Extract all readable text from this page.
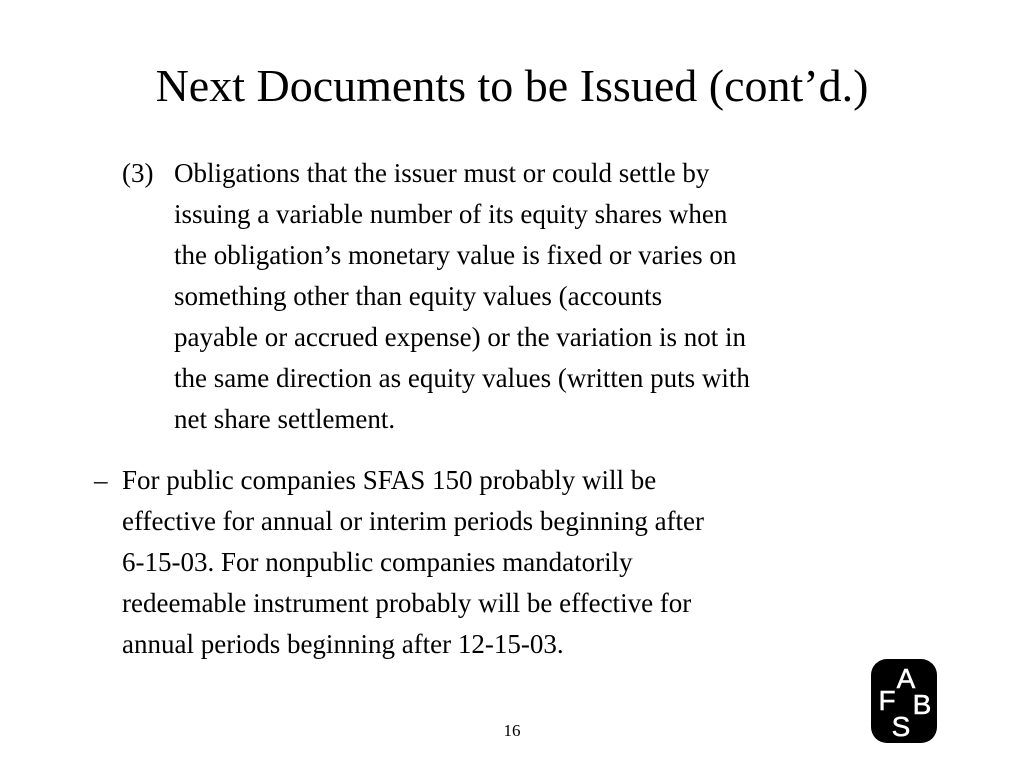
Next Documents to be Issued (cont’d.)
(3) Obligations that the issuer must or could settle by
issuing a variable number of its equity shares when
the obligation’s monetary value is fixed or varies on
something other than equity values (accounts
payable or accrued expense) or the variation is not in
the same direction as equity values (written puts with
net share settlement.
– For public companies SFAS 150 probably will be
effective for annual or interim periods beginning after
6-15-03. For nonpublic companies mandatorily
redeemable instrument probably will be effective for
annual periods beginning after 12-15-03.
16
A
F B
S
